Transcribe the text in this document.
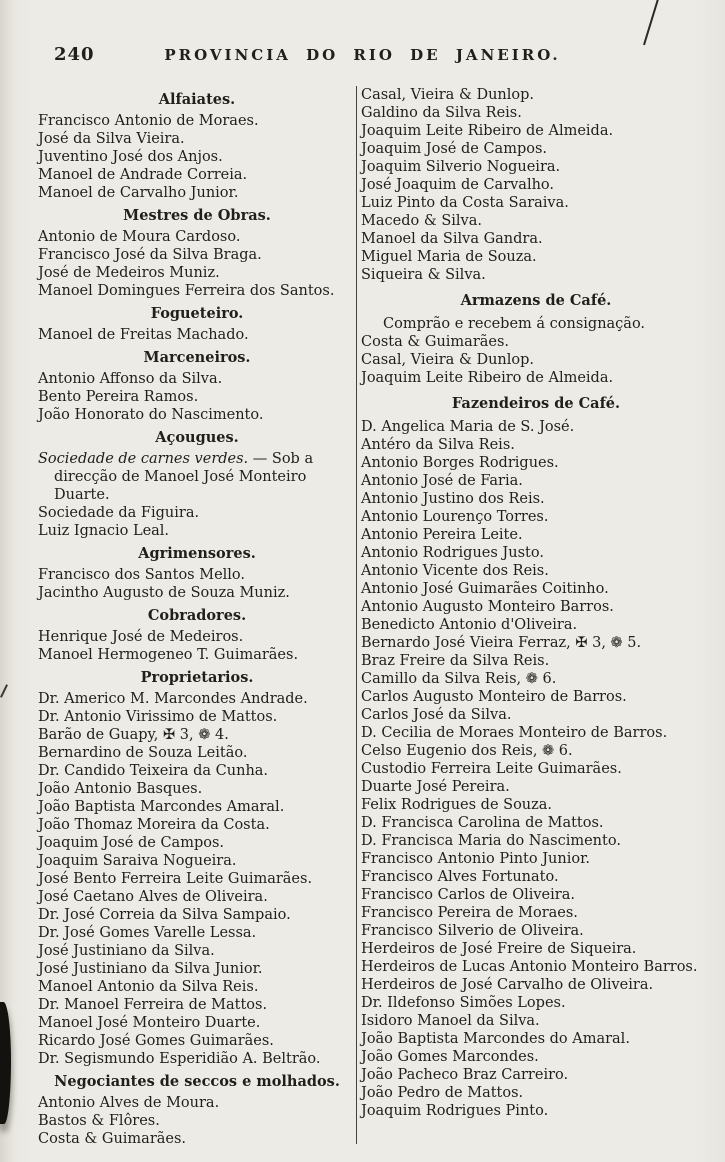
240	PROVINCIA DO RIO DE JANEIRO.
Alfaiates.
Francisco Antonio de Moraes.
José da Silva Vieira.
Juventino José dos Anjos.
Manoel de Andrade Correia.
Manoel de Carvalho Junior.
Mestres de Obras.
Antonio de Moura Cardoso.
Francisco José da Silva Braga.
José de Medeiros Muniz.
Manoel Domingues Ferreira dos Santos.
Fogueteiro.
Manoel de Freitas Machado.
Marceneiros.
Antonio Affonso da Silva.
Bento Pereira Ramos.
João Honorato do Nascimento.
Açougues.
Sociedade de carnes verdes. — Sob a direcção de Manoel José Monteiro Duarte.
Sociedade da Figuira.
Luiz Ignacio Leal.
Agrimensores.
Francisco dos Santos Mello.
Jacintho Augusto de Souza Muniz.
Cobradores.
Henrique José de Medeiros.
Manoel Hermogeneo T. Guimarães.
Proprietarios.
Dr. Americo M. Marcondes Andrade.
Dr. Antonio Virissimo de Mattos.
Barão de Guapy, ✠ 3, ❁ 4.
Bernardino de Souza Leitão.
Dr. Candido Teixeira da Cunha.
João Antonio Basques.
João Baptista Marcondes Amaral.
João Thomaz Moreira da Costa.
Joaquim José de Campos.
Joaquim Saraiva Nogueira.
José Bento Ferreira Leite Guimarães.
José Caetano Alves de Oliveira.
Dr. José Correia da Silva Sampaio.
Dr. José Gomes Varelle Lessa.
José Justiniano da Silva.
José Justiniano da Silva Junior.
Manoel Antonio da Silva Reis.
Dr. Manoel Ferreira de Mattos.
Manoel José Monteiro Duarte.
Ricardo José Gomes Guimarães.
Dr. Segismundo Esperidião A. Beltrão.
Negociantes de seccos e molhados.
Antonio Alves de Moura.
Bastos & Flôres.
Costa & Guimarães.
Casal, Vieira & Dunlop.
Galdino da Silva Reis.
Joaquim Leite Ribeiro de Almeida.
Joaquim José de Campos.
Joaquim Silverio Nogueira.
José Joaquim de Carvalho.
Luiz Pinto da Costa Saraiva.
Macedo & Silva.
Manoel da Silva Gandra.
Miguel Maria de Souza.
Siqueira & Silva.
Armazens de Café.
Comprão e recebem á consignação.
Costa & Guimarães.
Casal, Vieira & Dunlop.
Joaquim Leite Ribeiro de Almeida.
Fazendeiros de Café.
D. Angelica Maria de S. José.
Antéro da Silva Reis.
Antonio Borges Rodrigues.
Antonio José de Faria.
Antonio Justino dos Reis.
Antonio Lourenço Torres.
Antonio Pereira Leite.
Antonio Rodrigues Justo.
Antonio Vicente dos Reis.
Antonio José Guimarães Coitinho.
Antonio Augusto Monteiro Barros.
Benedicto Antonio d'Oliveira.
Bernardo José Vieira Ferraz, ✠ 3, ❁ 5.
Braz Freire da Silva Reis.
Camillo da Silva Reis, ❁ 6.
Carlos Augusto Monteiro de Barros.
Carlos José da Silva.
D. Cecilia de Moraes Monteiro de Barros.
Celso Eugenio dos Reis, ❁ 6.
Custodio Ferreira Leite Guimarães.
Duarte José Pereira.
Felix Rodrigues de Souza.
D. Francisca Carolina de Mattos.
D. Francisca Maria do Nascimento.
Francisco Antonio Pinto Junior.
Francisco Alves Fortunato.
Francisco Carlos de Oliveira.
Francisco Pereira de Moraes.
Francisco Silverio de Oliveira.
Herdeiros de José Freire de Siqueira.
Herdeiros de Lucas Antonio Monteiro Barros.
Herdeiros de José Carvalho de Oliveira.
Dr. Ildefonso Simões Lopes.
Isidoro Manoel da Silva.
João Baptista Marcondes do Amaral.
João Gomes Marcondes.
João Pacheco Braz Carreiro.
João Pedro de Mattos.
Joaquim Rodrigues Pinto.
